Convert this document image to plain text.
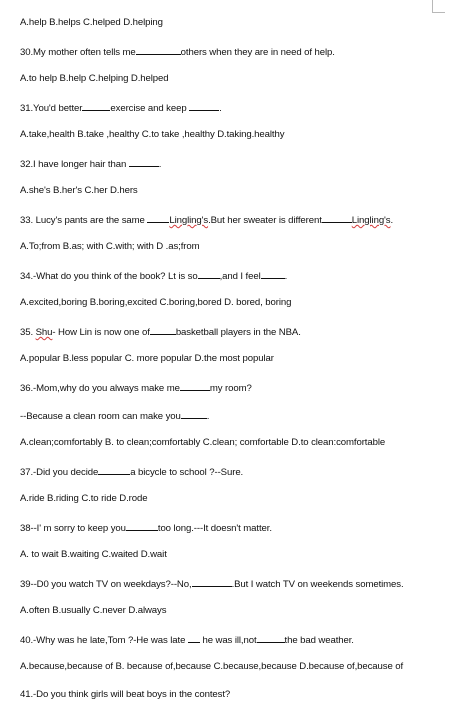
A.help B.helps C.helped D.helping
30.My mother often tells me	others when they are in need of help.
A.to help B.help C.helping D.helped
31.You'd better	exercise and keep	.
A.take,health B.take ,healthy C.to take ,healthy D.taking.healthy
32.I have longer hair than	.
A.she's B.her's C.her D.hers
33. Lucy's pants are the same Lingling's.But her sweater is different	Lingling's.
A.To;from B.as; with C.with; with D .as;from
34.-What do you think of the book? Lt is so ,and I feel	.
A.excited,boring B.boring,excited C.boring,bored D. bored, boring
35. Shu- How Lin is now one of	basketball players in the NBA.
A.popular B.less popular C. more popular D.the most popular
36.-Mom,why do you always make me	my room?
--Because a clean room can make you	.
A.clean;comfortably B. to clean;comfortably C.clean; comfortable D.to clean:comfortable
37.-Did you decide	a bicycle to school ?--Sure.
A.ride B.riding C.to ride D.rode
38--I' m sorry to keep you	too long.---It doesn't matter.
A. to wait B.waiting C.waited D.wait
39--D0 you watch TV on weekdays?--No,	.But I watch TV on weekends sometimes.
A.often B.usually C.never D.always
40.-Why was he late,Tom ?-He was late  he was ill,not	the bad weather.
A.because,because of B. because of,because C.because,because D.because of,because of
41.-Do you think girls will beat boys in the contest?
